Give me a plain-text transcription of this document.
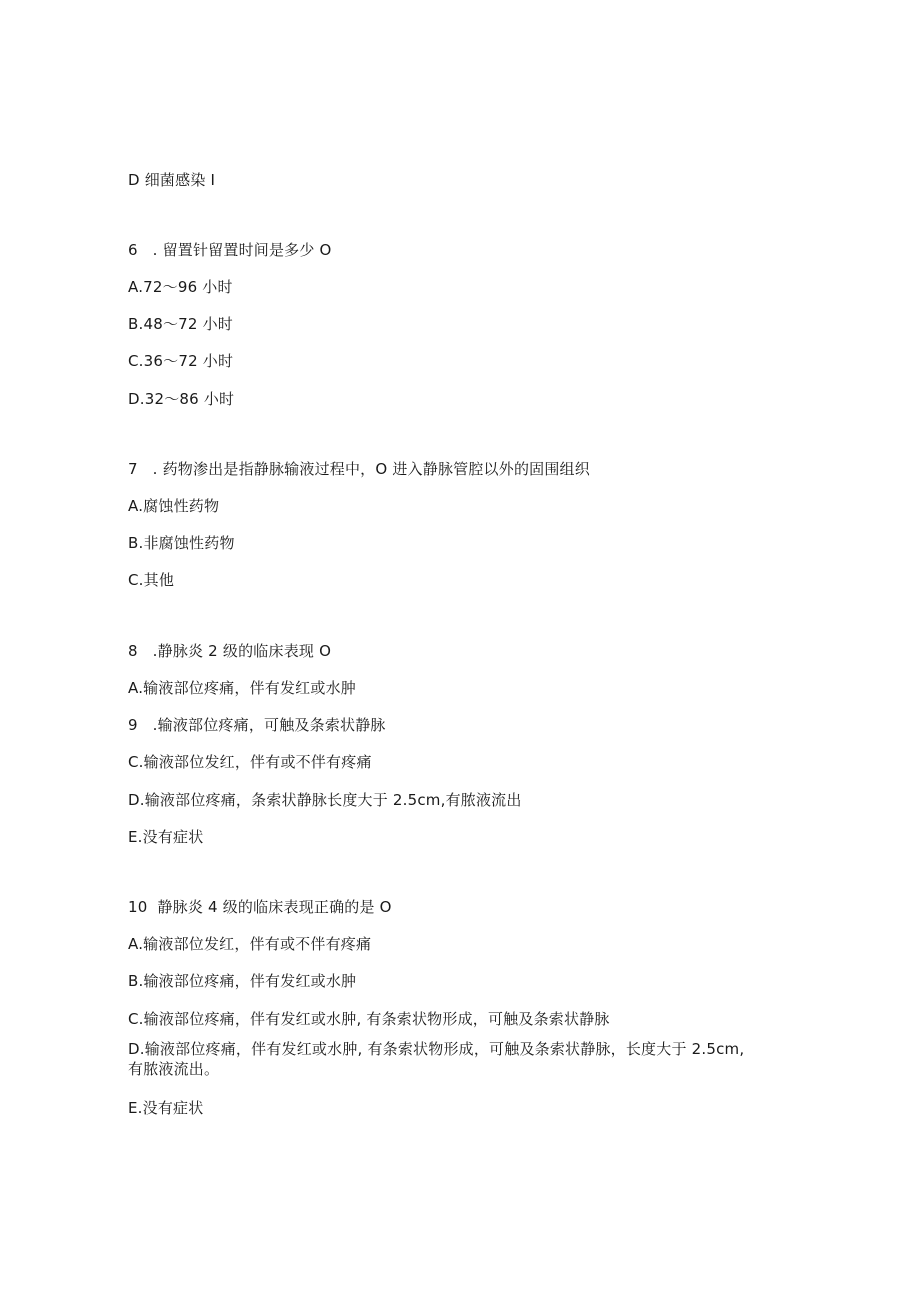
D 细菌感染 I
6   . 留置针留置时间是多少 O
A.72～96 小时
B.48～72 小时
C.36～72 小时
D.32～86 小时
7   . 药物渗出是指静脉输液过程中，O 进入静脉管腔以外的固围组织
A.腐蚀性药物
B.非腐蚀性药物
C.其他
8   .静脉炎 2 级的临床表现 O
A.输液部位疼痛，伴有发红或水肿
9   .输液部位疼痛，可触及条索状静脉
C.输液部位发红，伴有或不伴有疼痛
D.输液部位疼痛，条索状静脉长度大于 2.5cm,有脓液流出
E.没有症状
10  静脉炎 4 级的临床表现正确的是 O
A.输液部位发红，伴有或不伴有疼痛
B.输液部位疼痛，伴有发红或水肿
C.输液部位疼痛，伴有发红或水肿, 有条索状物形成，可触及条索状静脉
D.输液部位疼痛，伴有发红或水肿, 有条索状物形成，可触及条索状静脉，长度大于 2.5cm,有脓液流出。
E.没有症状
